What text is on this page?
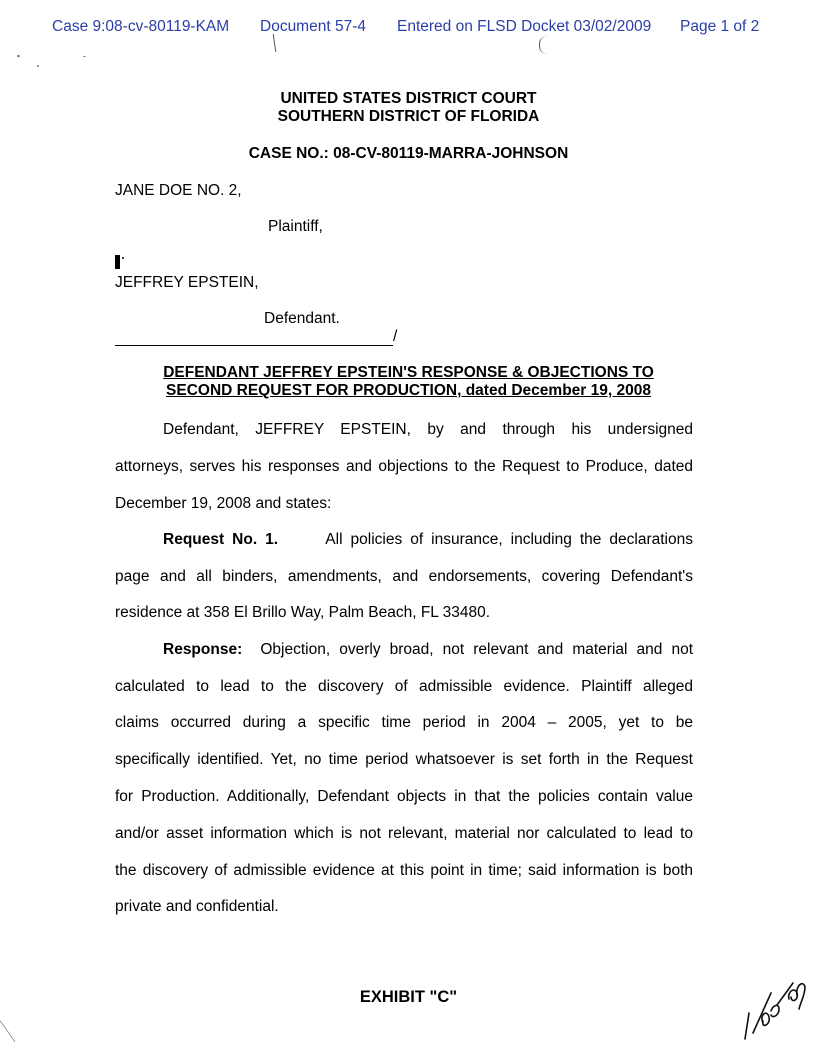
Case 9:08-cv-80119-KAM Document 57-4 Entered on FLSD Docket 03/02/2009 Page 1 of 2
UNITED STATES DISTRICT COURT
SOUTHERN DISTRICT OF FLORIDA
CASE NO.: 08-CV-80119-MARRA-JOHNSON
JANE DOE NO. 2,
Plaintiff,
JEFFREY EPSTEIN,
Defendant.
/
DEFENDANT JEFFREY EPSTEIN'S RESPONSE & OBJECTIONS TO
SECOND REQUEST FOR PRODUCTION, dated December 19, 2008
Defendant, JEFFREY EPSTEIN, by and through his undersigned
attorneys, serves his responses and objections to the Request to Produce, dated
December 19, 2008 and states:
Request No. 1.	All policies of insurance, including the declarations
page and all binders, amendments, and endorsements, covering Defendant's
residence at 358 El Brillo Way, Palm Beach, FL 33480.
Response: Objection, overly broad, not relevant and material and not
calculated to lead to the discovery of admissible evidence. Plaintiff alleged
claims occurred during a specific time period in 2004 – 2005, yet to be
specifically identified. Yet, no time period whatsoever is set forth in the Request
for Production. Additionally, Defendant objects in that the policies contain value
and/or asset information which is not relevant, material nor calculated to lead to
the discovery of admissible evidence at this point in time; said information is both
private and confidential.
EXHIBIT "C"
